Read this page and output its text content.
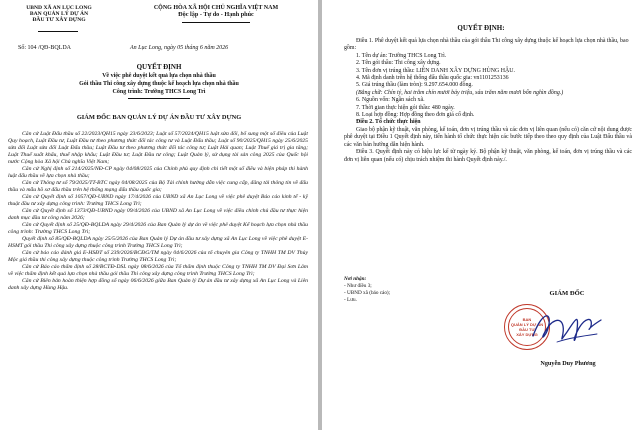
UBND XÃ AN LỤC LONG
BAN QUẢN LÝ DỰ ÁN
ĐẦU TƯ XÂY DỰNG
Số: 104 /QĐ-BQLDA
CỘNG HÒA XÃ HỘI CHỦ NGHĨA VIỆT NAM
Độc lập - Tự do - Hạnh phúc
An Lục Long, ngày 05 tháng 6 năm 2026
QUYẾT ĐỊNH
Về việc phê duyệt kết quả lựa chọn nhà thầu
Gói thầu Thi công xây dựng thuộc kế hoạch lựa chọn nhà thầu
Công trình: Trường THCS Long Trì
GIÁM ĐỐC BAN QUẢN LÝ DỰ ÁN ĐẦU TƯ XÂY DỰNG
Căn cứ Luật Đấu thầu số 22/2023/QH15 ngày 23/6/2023; Luật số 57/2024/QH15 luật sửa đổi, bổ sung một số điều của Luật Quy hoạch, Luật Đầu tư, Luật Đầu tư theo phương thức đối tác công tư và Luật Đấu thầu; Luật số 90/2025/QH15 ngày 25/6/2025 sửa đổi Luật sửa đổi Luật Đấu thầu; Luật Đầu tư theo phương thức đối tác công tư; Luật Hải quan; Luật Thuế giá trị gia tăng; Luật Thuế xuất khẩu, thuế nhập khẩu; Luật Đầu tư; Luật Đầu tư công; Luật Quản lý, sử dụng tài sản công 2025 của Quốc hội nước Cộng hòa Xã hội Chủ nghĩa Việt Nam;
Căn cứ Nghị định số 214/2025/NĐ-CP ngày 04/08/2025 của Chính phủ quy định chi tiết một số điều và biện pháp thi hành luật đấu thầu về lựa chọn nhà thầu;
Căn cứ Thông tư số 79/2025/TT-BTC ngày 04/08/2025 của Bộ Tài chính hướng dẫn việc cung cấp, đăng tải thông tin về đấu thầu và mẫu hồ sơ đấu thầu trên hệ thống mạng đấu thầu quốc gia;
Căn cứ Quyết định số 1057/QĐ-UBND ngày 17/4/2026 của UBND xã An Lục Long về việc phê duyệt Báo cáo kinh tế - kỹ thuật đầu tư xây dựng công trình: Trường THCS Long Trì;
Căn cứ Quyết định số 1373/QĐ-UBND ngày 09/4/2026 của UBND xã An Lục Long về việc điều chỉnh chủ đầu tư thực hiện danh mục đầu tư công năm 2026;
Căn cứ Quyết định số 25/QĐ-BQLDA ngày 29/4/2026 của Ban Quản lý dự án về việc phê duyệt Kế hoạch lựa chọn nhà thầu công trình: Trường THCS Long Trì;
Quyết định số 85/QĐ-BQLDA ngày 25/5/2026 của Ban Quản lý Dự án đầu tư xây dựng xã An Lục Long về việc phê duyệt E-HSMT gói thầu Thi công xây dựng thuộc công trình Trường THCS Long Trì;
Căn cứ báo cáo đánh giá E-HSĐT số 239/2026/BCĐG/TM ngày 04/6/2026 của tổ chuyên gia Công ty TNHH TM DV Thủy Mộc giá thầu thi công xây dựng thuộc công trình Trường THCS Long Trì;
Căn cứ Báo cáo thẩm định số 28/BCTĐ-DSL ngày 08/6/2026 của Tổ thẩm định thuộc Công ty TNHH TM DV Đại Sơn Lâm về việc thẩm định kết quả lựa chọn nhà thầu gói thầu Thi công xây dựng công trình Trường THCS Long Trì;
Căn cứ Biên bản hoàn thiện hợp đồng số ngày 06/6/2026 giữa Ban Quản lý Dự án đầu tư xây dựng xã An Lục Long và Liên danh xây dựng Hùng Hậu.
QUYẾT ĐỊNH:
Điều 1. Phê duyệt kết quả lựa chọn nhà thầu của gói thầu Thi công xây dựng thuộc kế hoạch lựa chọn nhà thầu, bao gồm:
1. Tên dự án: Trường THCS Long Trì.
2. Tên gói thầu: Thi công xây dựng.
3. Tên đơn vị trúng thầu: LIÊN DANH XÂY DỰNG HÙNG HẬU.
4. Mã định danh trên hệ thống đấu thầu quốc gia: vn1101253136
5. Giá trúng thầu (làm tròn): 9.297.654.000 đồng.
(Bằng chữ: Chín tỷ, hai trăm chín mươi bảy triệu, sáu trăm năm mươi bốn nghìn đồng.)
6. Nguồn vốn: Ngân sách xã.
7. Thời gian thực hiện gói thầu: 480 ngày.
8. Loại hợp đồng: Hợp đồng theo đơn giá cố định.
Điều 2. Tổ chức thực hiện
Giao bộ phận kỹ thuật, văn phòng, kế toán, đơn vị trúng thầu và các đơn vị liên quan (nếu có) căn cứ nội dung được phê duyệt tại Điều 1 Quyết định này, tiến hành tổ chức thực hiện các bước tiếp theo theo quy định của Luật Đấu thầu và các văn bản hướng dẫn hiện hành.
Điều 3. Quyết định này có hiệu lực kể từ ngày ký. Bộ phận kỹ thuật, văn phòng, kế toán, đơn vị trúng thầu và các đơn vị liên quan (nếu có) chịu trách nhiệm thi hành Quyết định này./.
Nơi nhận:
- Như điều 3;
- UBND xã (báo cáo);
- Lưu.
GIÁM ĐỐC
BAN
QUẢN LÝ DỰ ÁN
ĐẦU TƯ
XÂY DỰNG
Nguyễn Duy Phương
